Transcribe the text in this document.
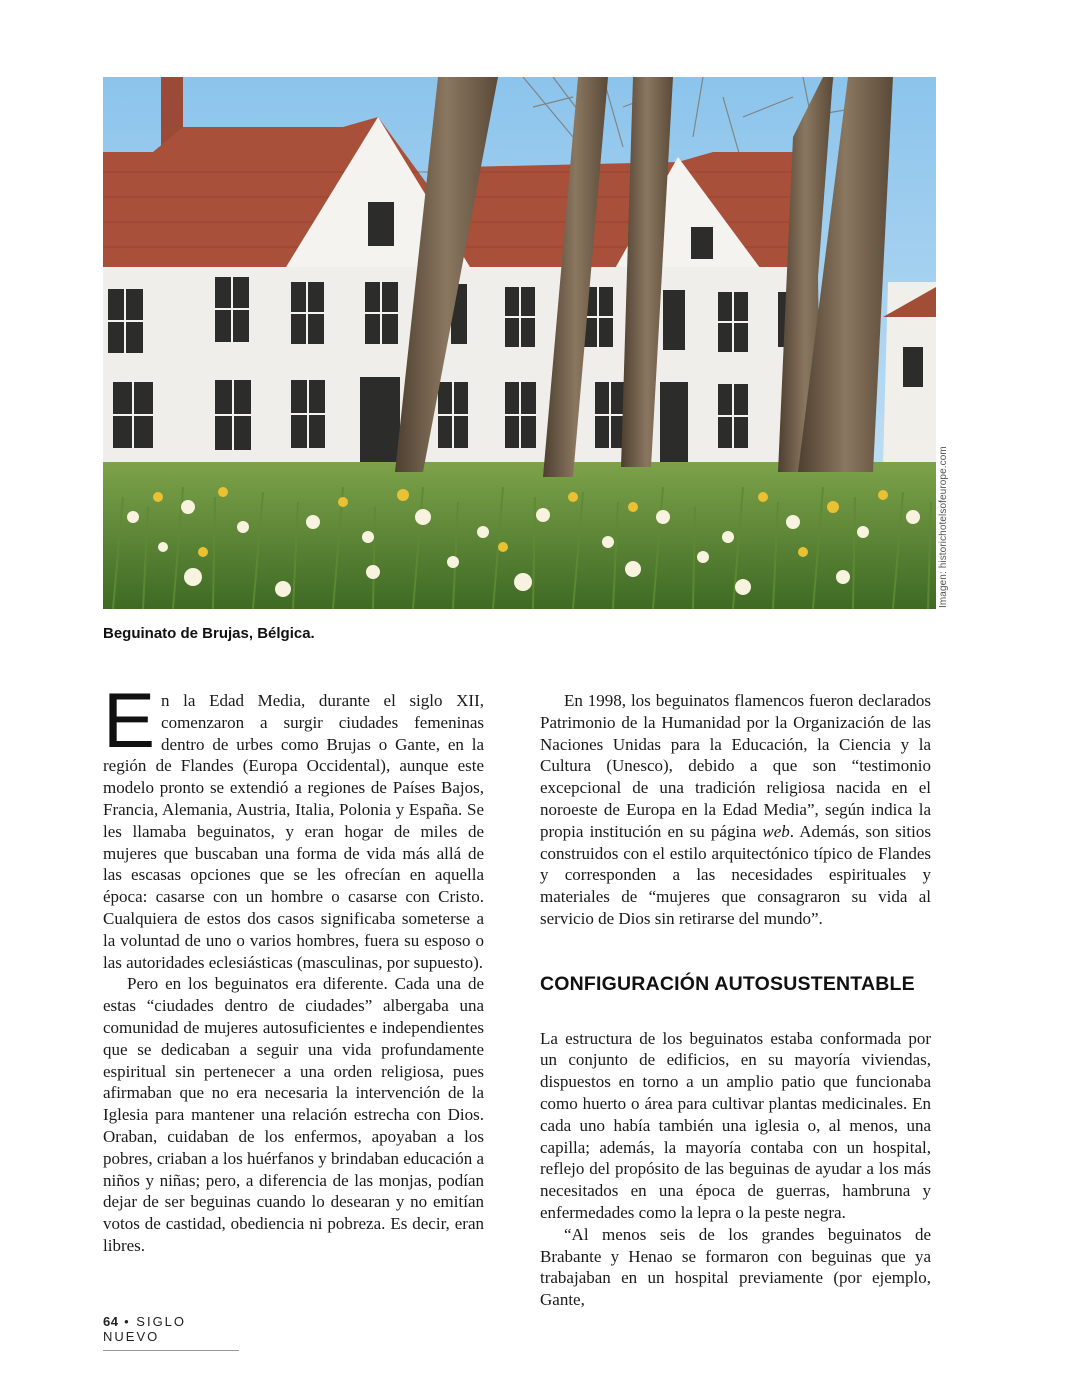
Imagen: historichotelsofeurope.com
Beguinato de Brujas, Bélgica.

En la Edad Media, durante el siglo XII, comenzaron a surgir ciudades femeninas dentro de urbes como Brujas o Gante, en la región de Flandes (Europa Occidental), aunque este modelo pronto se extendió a regiones de Países Bajos, Francia, Alemania, Austria, Italia, Polonia y España. Se les llamaba beguinatos, y eran hogar de miles de mujeres que buscaban una forma de vida más allá de las escasas opciones que se les ofrecían en aquella época: casarse con un hombre o casarse con Cristo. Cualquiera de estos dos casos significaba someterse a la voluntad de uno o varios hombres, fuera su esposo o las autoridades eclesiásticas (masculinas, por supuesto).

Pero en los beguinatos era diferente. Cada una de estas “ciudades dentro de ciudades” albergaba una comunidad de mujeres autosuficientes e independientes que se dedicaban a seguir una vida profundamente espiritual sin pertenecer a una orden religiosa, pues afirmaban que no era necesaria la intervención de la Iglesia para mantener una relación estrecha con Dios. Oraban, cuidaban de los enfermos, apoyaban a los pobres, criaban a los huérfanos y brindaban educación a niños y niñas; pero, a diferencia de las monjas, podían dejar de ser beguinas cuando lo desearan y no emitían votos de castidad, obediencia ni pobreza. Es decir, eran libres.

En 1998, los beguinatos flamencos fueron declarados Patrimonio de la Humanidad por la Organización de las Naciones Unidas para la Educación, la Ciencia y la Cultura (Unesco), debido a que son “testimonio excepcional de una tradición religiosa nacida en el noroeste de Europa en la Edad Media”, según indica la propia institución en su página web. Además, son sitios construidos con el estilo arquitectónico típico de Flandes y corresponden a las necesidades espirituales y materiales de “mujeres que consagraron su vida al servicio de Dios sin retirarse del mundo”.

CONFIGURACIÓN AUTOSUSTENTABLE

La estructura de los beguinatos estaba conformada por un conjunto de edificios, en su mayoría viviendas, dispuestos en torno a un amplio patio que funcionaba como huerto o área para cultivar plantas medicinales. En cada uno había también una iglesia o, al menos, una capilla; además, la mayoría contaba con un hospital, reflejo del propósito de las beguinas de ayudar a los más necesitados en una época de guerras, hambruna y enfermedades como la lepra o la peste negra.

“Al menos seis de los grandes beguinatos de Brabante y Henao se formaron con beguinas que ya trabajaban en un hospital previamente (por ejemplo, Gante,

64 • SIGLO NUEVO
